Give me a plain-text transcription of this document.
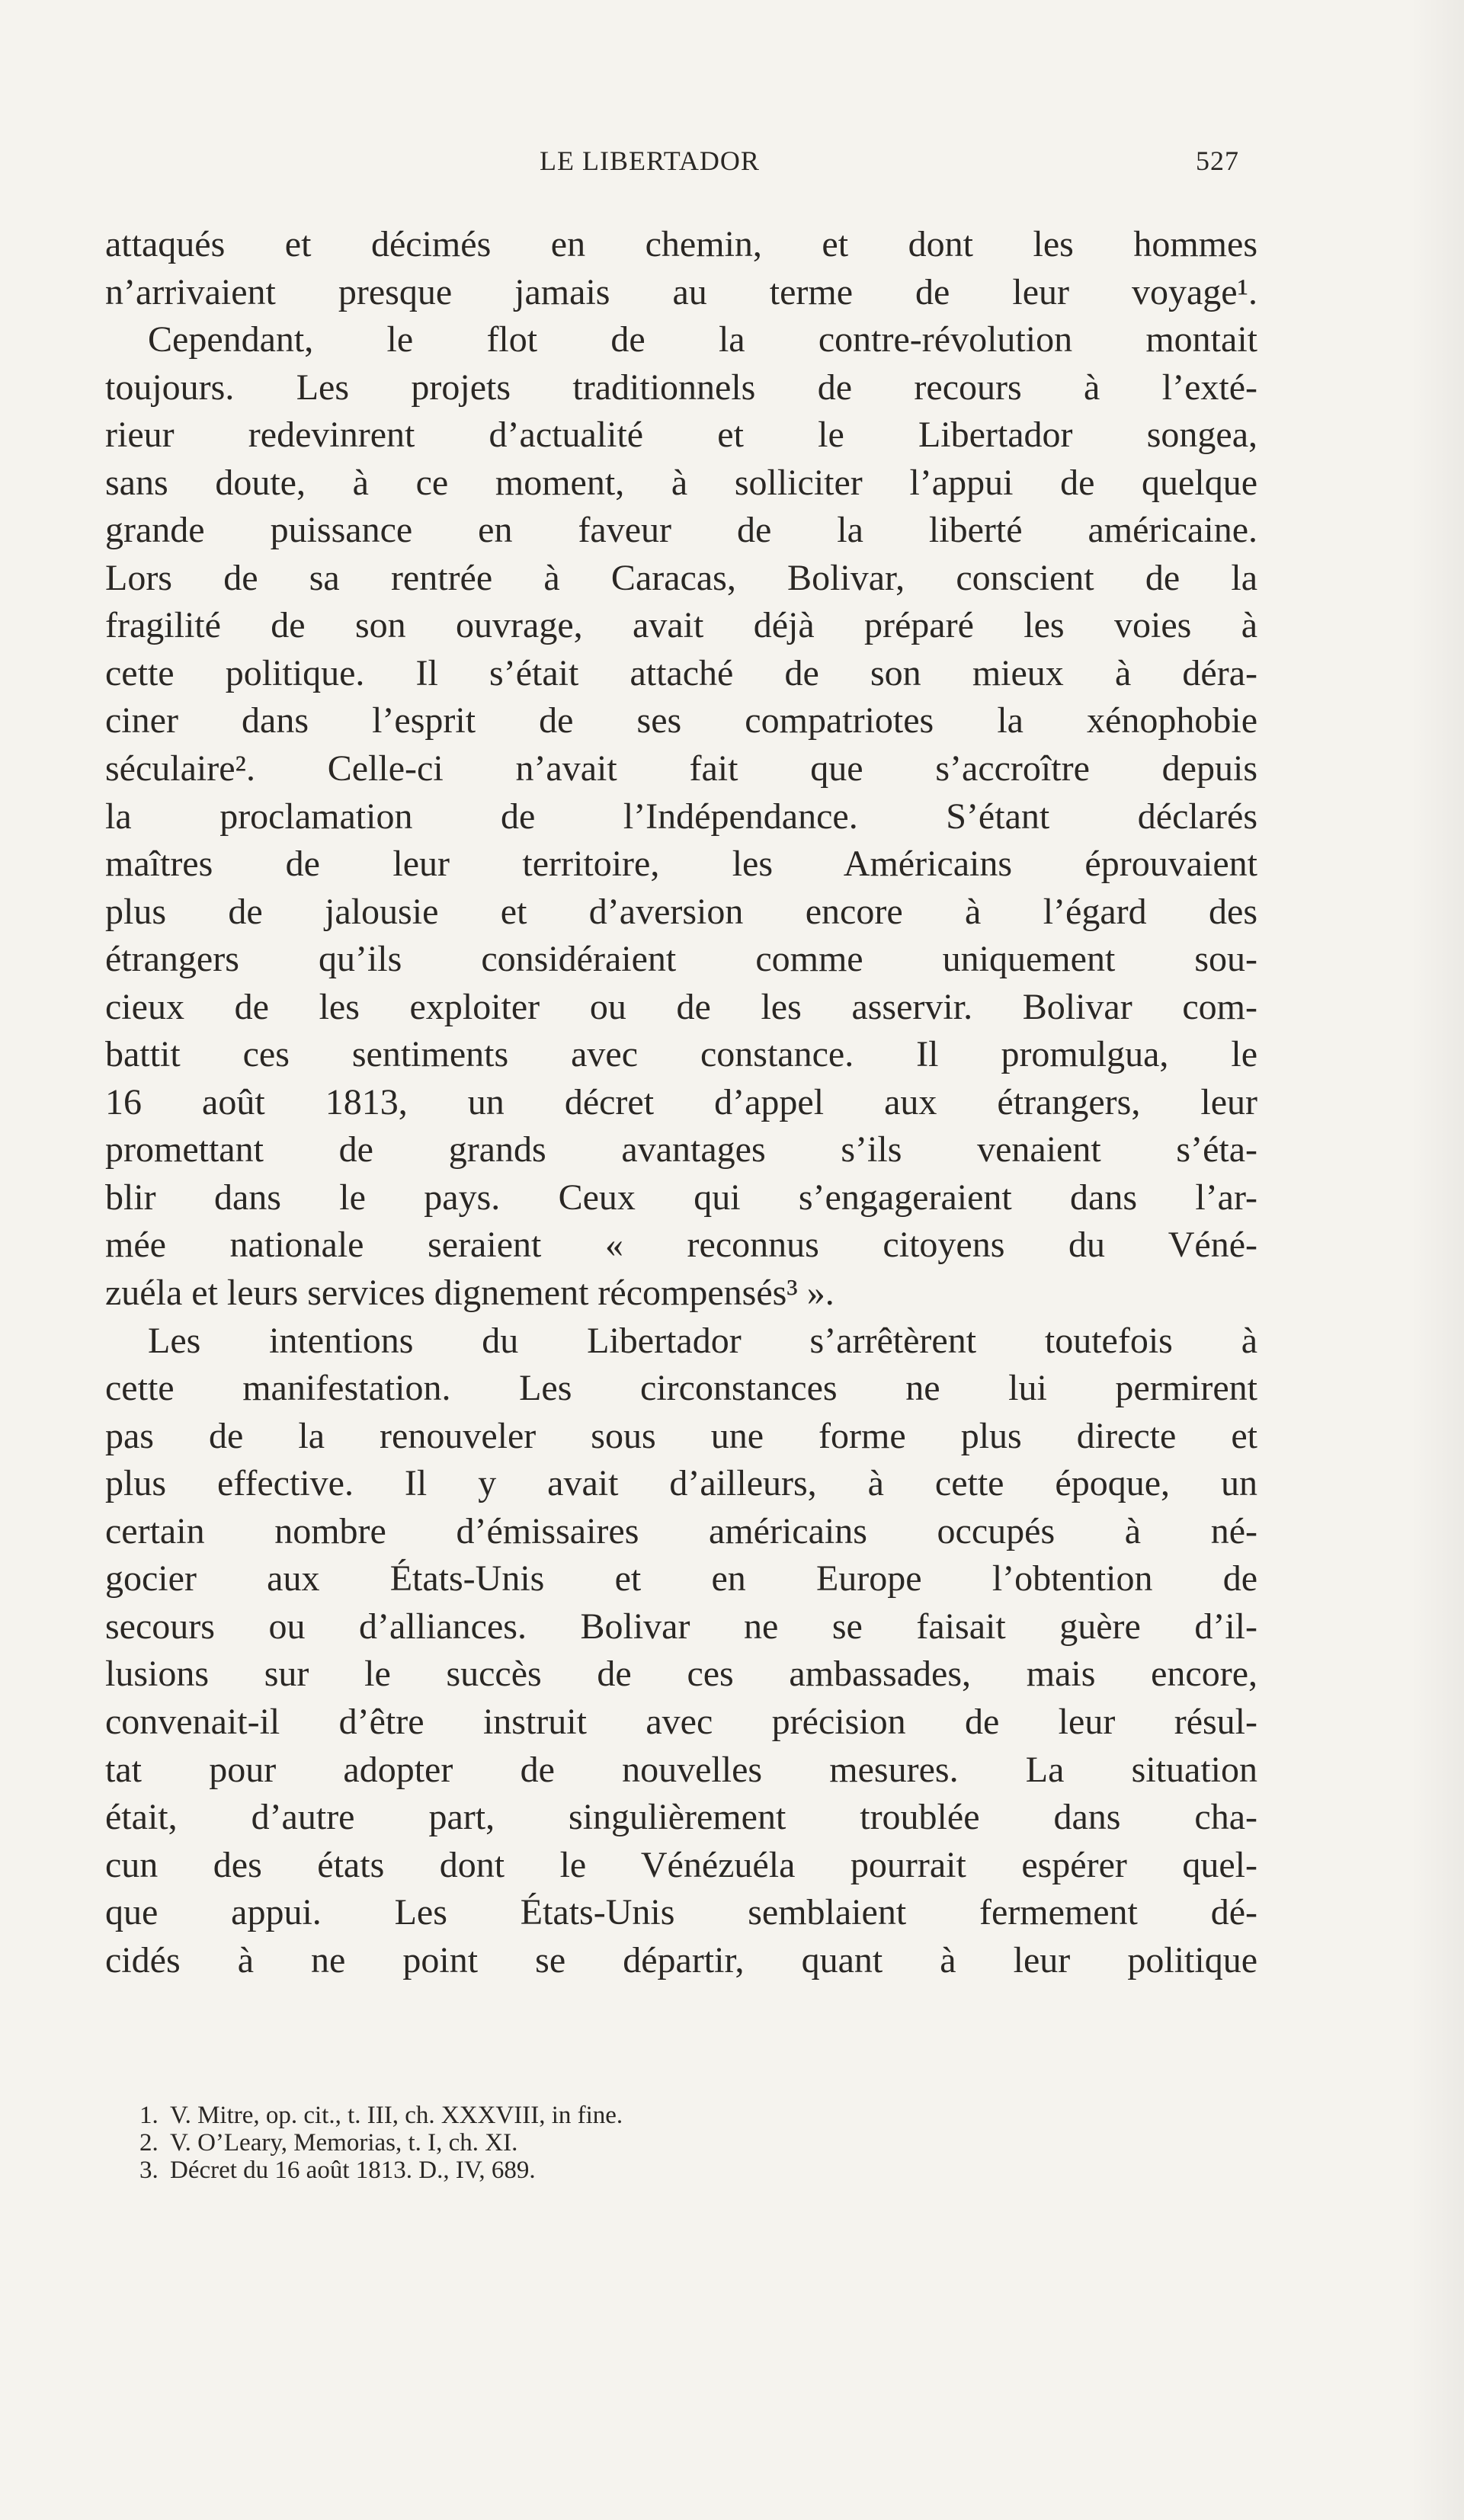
LE LIBERTADOR	527
attaqués et décimés en chemin, et dont les hommes
n’arrivaient presque jamais au terme de leur voyage¹.
Cependant, le flot de la contre-révolution montait
toujours. Les projets traditionnels de recours à l’exté-
rieur redevinrent d’actualité et le Libertador songea,
sans doute, à ce moment, à solliciter l’appui de quelque
grande puissance en faveur de la liberté américaine.
Lors de sa rentrée à Caracas, Bolivar, conscient de la
fragilité de son ouvrage, avait déjà préparé les voies à
cette politique. Il s’était attaché de son mieux à déra-
ciner dans l’esprit de ses compatriotes la xénophobie
séculaire². Celle-ci n’avait fait que s’accroître depuis
la proclamation de l’Indépendance. S’étant déclarés
maîtres de leur territoire, les Américains éprouvaient
plus de jalousie et d’aversion encore à l’égard des
étrangers qu’ils considéraient comme uniquement sou-
cieux de les exploiter ou de les asservir. Bolivar com-
battit ces sentiments avec constance. Il promulgua, le
16 août 1813, un décret d’appel aux étrangers, leur
promettant de grands avantages s’ils venaient s’éta-
blir dans le pays. Ceux qui s’engageraient dans l’ar-
mée nationale seraient « reconnus citoyens du Véné-
zuéla et leurs services dignement récompensés³ ».
Les intentions du Libertador s’arrêtèrent toutefois à
cette manifestation. Les circonstances ne lui permirent
pas de la renouveler sous une forme plus directe et
plus effective. Il y avait d’ailleurs, à cette époque, un
certain nombre d’émissaires américains occupés à né-
gocier aux États-Unis et en Europe l’obtention de
secours ou d’alliances. Bolivar ne se faisait guère d’il-
lusions sur le succès de ces ambassades, mais encore,
convenait-il d’être instruit avec précision de leur résul-
tat pour adopter de nouvelles mesures. La situation
était, d’autre part, singulièrement troublée dans cha-
cun des états dont le Vénézuéla pourrait espérer quel-
que appui. Les États-Unis semblaient fermement dé-
cidés à ne point se départir, quant à leur politique
1. V. Mitre, op. cit., t. III, ch. XXXVIII, in fine.
2. V. O’Leary, Memorias, t. I, ch. XI.
3. Décret du 16 août 1813. D., IV, 689.
